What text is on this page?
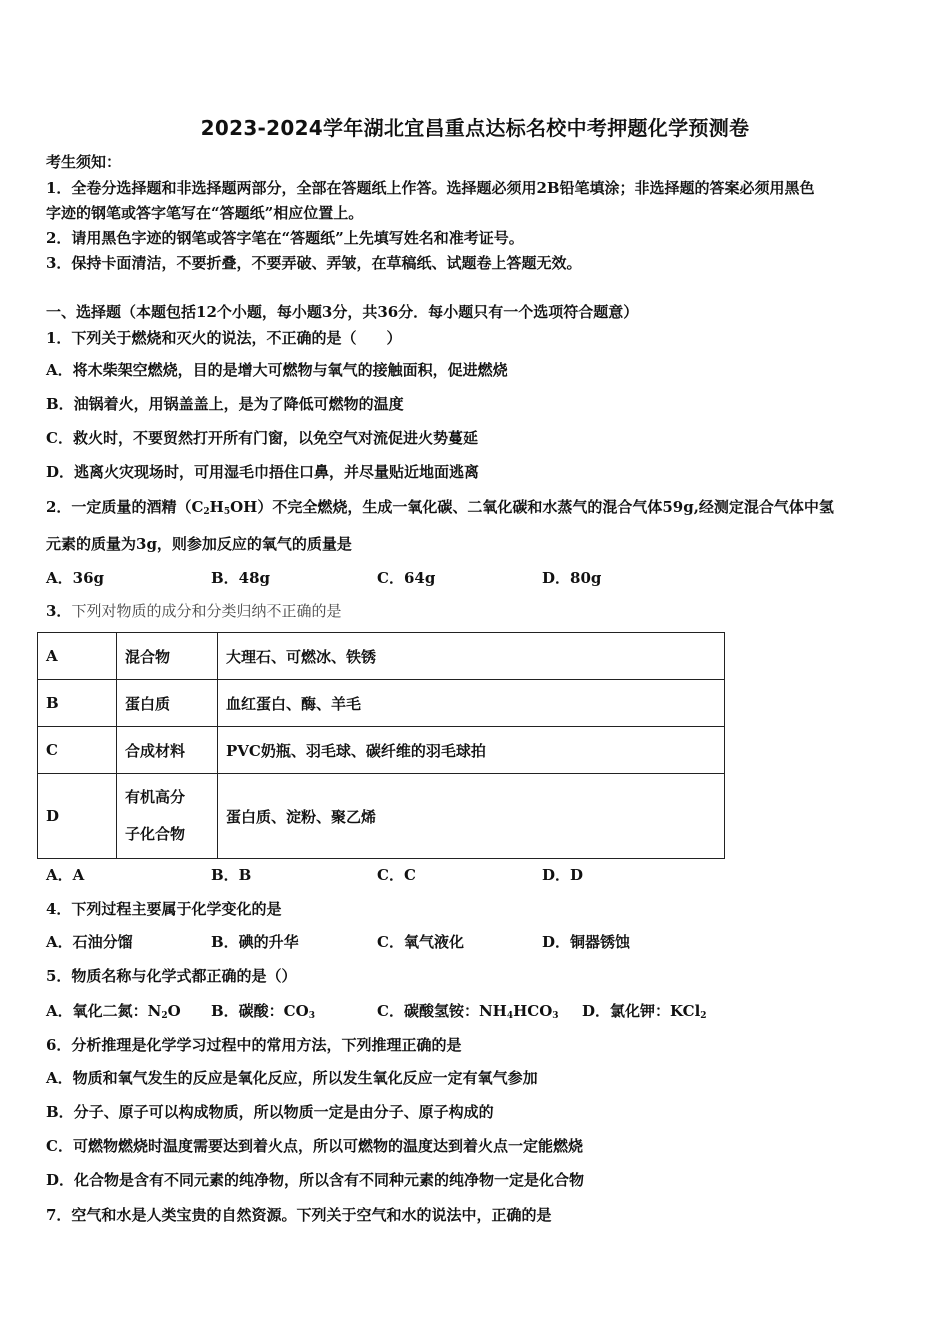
2023-2024学年湖北宜昌重点达标名校中考押题化学预测卷
考生须知：
1．全卷分选择题和非选择题两部分，全部在答题纸上作答。选择题必须用2B铅笔填涂；非选择题的答案必须用黑色
字迹的钢笔或答字笔写在“答题纸”相应位置上。
2．请用黑色字迹的钢笔或答字笔在“答题纸”上先填写姓名和准考证号。
3．保持卡面清洁，不要折叠，不要弄破、弄皱，在草稿纸、试题卷上答题无效。
一、选择题（本题包括12个小题，每小题3分，共36分．每小题只有一个选项符合题意）
1．下列关于燃烧和灭火的说法，不正确的是（　　）
A．将木柴架空燃烧，目的是增大可燃物与氧气的接触面积，促进燃烧
B．油锅着火，用锅盖盖上，是为了降低可燃物的温度
C．救火时，不要贸然打开所有门窗，以免空气对流促进火势蔓延
D．逃离火灾现场时，可用湿毛巾捂住口鼻，并尽量贴近地面逃离
2．一定质量的酒精$(C_2H_5OH)$不完全燃烧，生成一氧化碳、二氧化碳和水蒸气的混合气体59g,经测定混合气体中氢
元素的质量为3g，则参加反应的氧气的质量是
A．36g	B．48g	C．64g	D．80g
3．下列对物质的成分和分类归纳不正确的是
A	混合物	大理石、可燃冰、铁锈
B	蛋白质	血红蛋白、酶、羊毛
C	合成材料	PVC奶瓶、羽毛球、碳纤维的羽毛球拍
D	有机高分
子化合物	蛋白质、淀粉、聚乙烯
A．A	B．B	C．C	D．D
4．下列过程主要属于化学变化的是
A．石油分馏	B．碘的升华	C．氧气液化	D．铜器锈蚀
5．物质名称与化学式都正确的是（）
A．氧化二氮：$N_2O$ B．碳酸：$CO_3$	C．碳酸氢铵：$NH_4HCO_3$ D．氯化钾：KCl$_2$
6．分析推理是化学学习过程中的常用方法，下列推理正确的是
A．物质和氧气发生的反应是氧化反应，所以发生氧化反应一定有氧气参加
B．分子、原子可以构成物质，所以物质一定是由分子、原子构成的
C．可燃物燃烧时温度需要达到着火点，所以可燃物的温度达到着火点一定能燃烧
D．化合物是含有不同元素的纯净物，所以含有不同种元素的纯净物一定是化合物
7．空气和水是人类宝贵的自然资源。下列关于空气和水的说法中，正确的是
